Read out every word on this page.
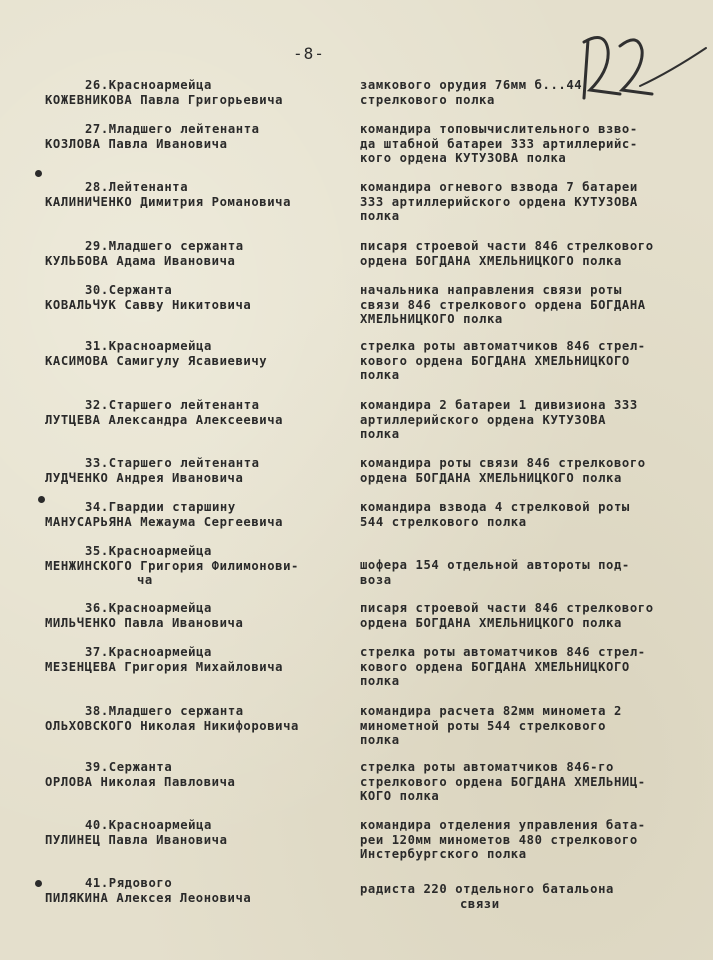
-8-
26.Красноармейца
КОЖЕВНИКОВА Павла Григорьевича
замкового орудия 76мм б...44
стрелкового полка
27.Младшего лейтенанта
КОЗЛОВА Павла Ивановича
командира топовычислительного взво-
да штабной батареи 333 артиллерийс-
кого ордена КУТУЗОВА полка
28.Лейтенанта
КАЛИНИЧЕНКО Димитрия Романовича
командира огневого взвода 7 батареи
333 артиллерийского ордена КУТУЗОВА
полка
29.Младшего сержанта
КУЛЬБОВА Адама Ивановича
писаря строевой части 846 стрелкового
ордена БОГДАНА ХМЕЛЬНИЦКОГО полка
30.Сержанта
КОВАЛЬЧУК Савву Никитовича
начальника направления связи роты
связи 846 стрелкового ордена БОГДАНА
ХМЕЛЬНИЦКОГО полка
31.Красноармейца
КАСИМОВА Самигулу Ясавиевичу
стрелка роты автоматчиков 846 стрел-
кового ордена БОГДАНА ХМЕЛЬНИЦКОГО
полка
32.Старшего лейтенанта
ЛУТЦЕВА Александра Алексеевича
командира 2 батареи 1 дивизиона 333
артиллерийского ордена КУТУЗОВА
полка
33.Старшего лейтенанта
ЛУДЧЕНКО Андрея Ивановича
командира роты связи 846 стрелкового
ордена БОГДАНА ХМЕЛЬНИЦКОГО полка
34.Гвардии старшину
МАНУСАРЬЯНА Межаума Сергеевича
командира взвода 4 стрелковой роты
544 стрелкового полка
35.Красноармейца
МЕНЖИНСКОГО Григория Филимонови-
ча
шофера 154 отдельной автороты под-
воза
36.Красноармейца
МИЛЬЧЕНКО Павла Ивановича
писаря строевой части 846 стрелкового
ордена БОГДАНА ХМЕЛЬНИЦКОГО полка
37.Красноармейца
МЕЗЕНЦЕВА Григория Михайловича
стрелка роты автоматчиков 846 стрел-
кового ордена БОГДАНА ХМЕЛЬНИЦКОГО
полка
38.Младшего сержанта
ОЛЬХОВСКОГО Николая Никифоровича
командира расчета 82мм миномета 2
минометной роты 544 стрелкового
полка
39.Сержанта
ОРЛОВА Николая Павловича
стрелка роты автоматчиков 846-го
стрелкового ордена БОГДАНА ХМЕЛЬНИЦ-
КОГО полка
40.Красноармейца
ПУЛИНЕЦ Павла Ивановича
командира отделения управления бата-
реи 120мм минометов 480 стрелкового
Инстербургского полка
41.Рядового
ПИЛЯКИНА Алексея Леоновича
радиста 220 отдельного батальона
связи
